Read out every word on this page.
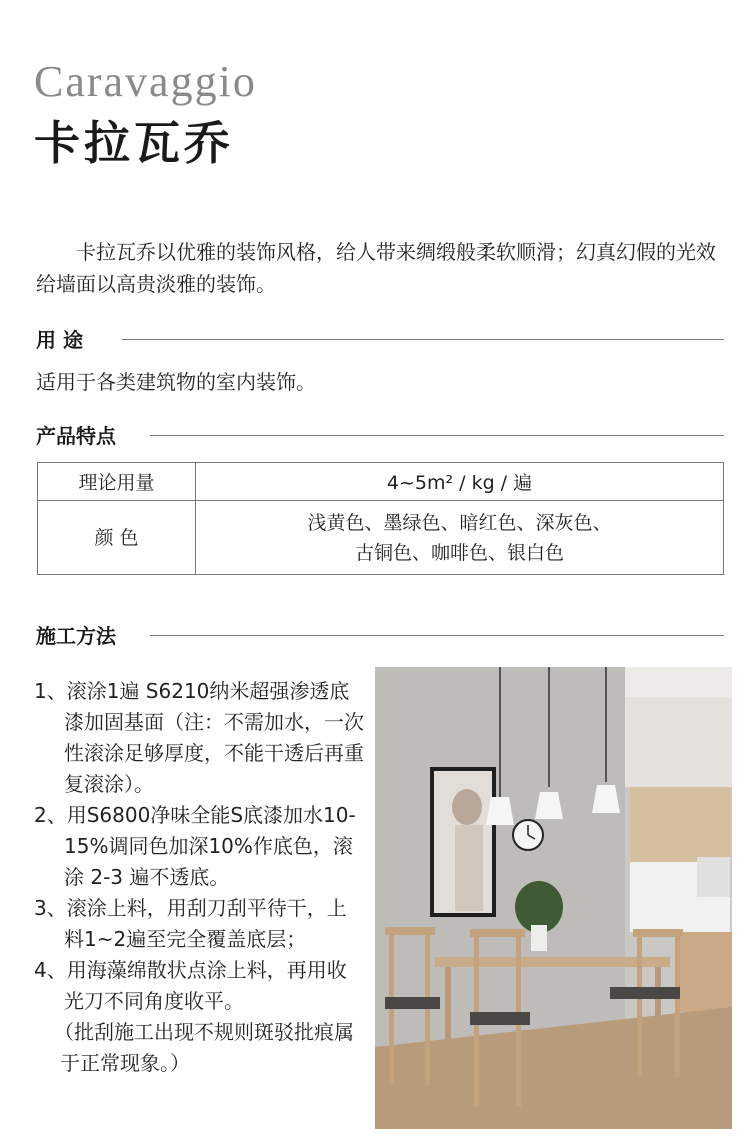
Caravaggio
卡拉瓦乔

卡拉瓦乔以优雅的装饰风格，给人带来绸缎般柔软顺滑；幻真幻假的光效给墙面以高贵淡雅的装饰。

用 途
适用于各类建筑物的室内装饰。
产品特点
理论用量	4~5m² / kg / 遍
颜 色	浅黄色、墨绿色、暗红色、深灰色、
古铜色、咖啡色、银白色
施工方法

1、滚涂1遍 S6210纳米超强渗透底漆加固基面（注：不需加水，一次性滚涂足够厚度，不能干透后再重复滚涂）。

2、用S6800净味全能S底漆加水10-15%调同色加深10%作底色，滚涂 2-3 遍不透底。

3、滚涂上料，用刮刀刮平待干，上料1~2遍至完全覆盖底层；

4、用海藻绵散状点涂上料，再用收光刀不同角度收平。

（批刮施工出现不规则斑驳批痕属于正常现象。）
